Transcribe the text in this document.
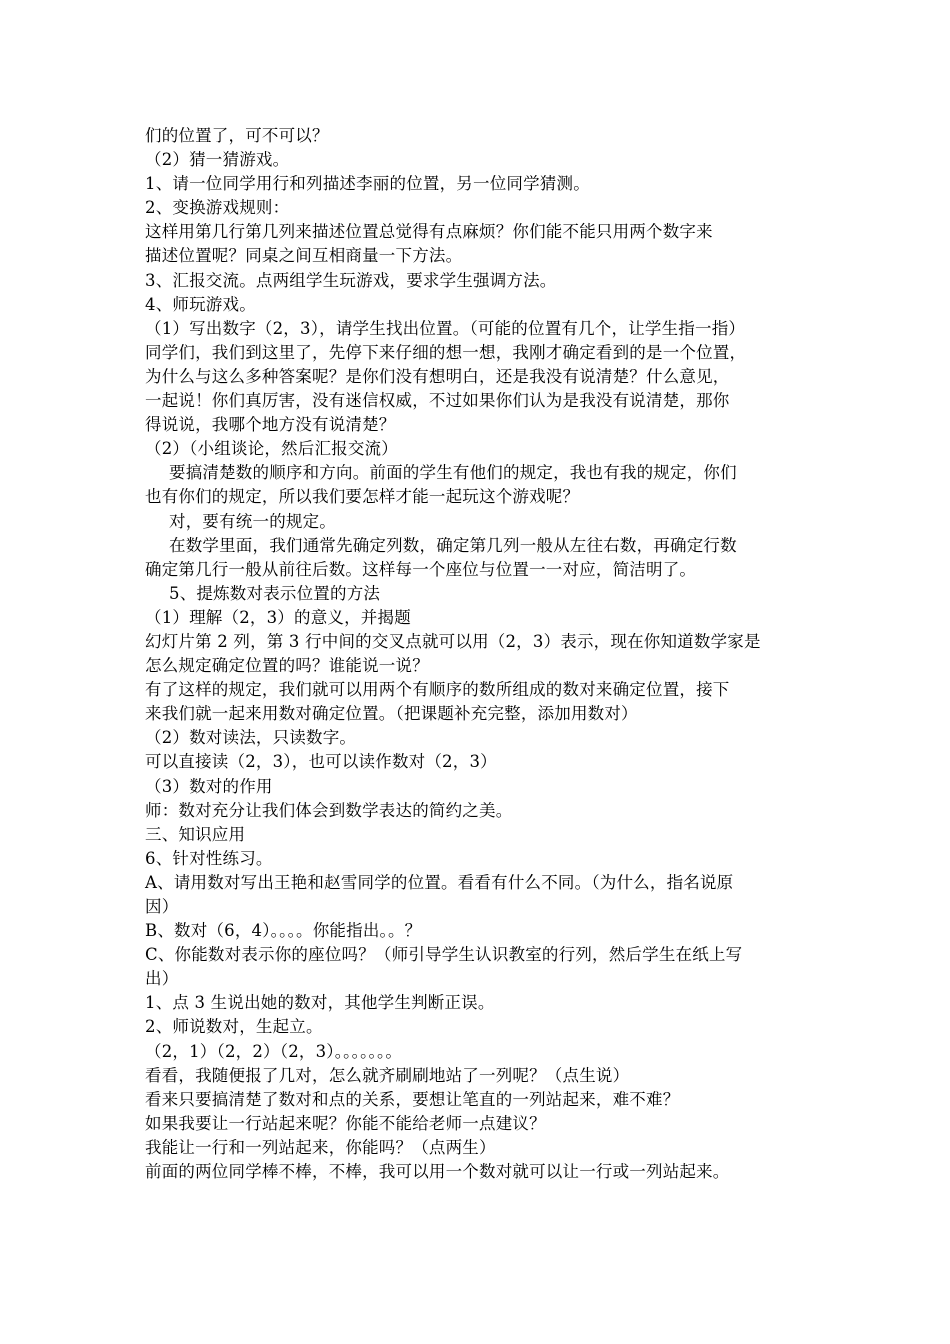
们的位置了，可不可以？
（2）猜一猜游戏。
1、请一位同学用行和列描述李丽的位置，另一位同学猜测。
2、变换游戏规则：
这样用第几行第几列来描述位置总觉得有点麻烦？你们能不能只用两个数字来
描述位置呢？同桌之间互相商量一下方法。
3、汇报交流。点两组学生玩游戏，要求学生强调方法。
4、师玩游戏。
（1）写出数字（2，3），请学生找出位置。（可能的位置有几个，让学生指一指）
同学们，我们到这里了，先停下来仔细的想一想，我刚才确定看到的是一个位置，
为什么与这么多种答案呢？是你们没有想明白，还是我没有说清楚？什么意见，
一起说！你们真厉害，没有迷信权威，不过如果你们认为是我没有说清楚，那你
得说说，我哪个地方没有说清楚？
（2）（小组谈论，然后汇报交流）
要搞清楚数的顺序和方向。前面的学生有他们的规定，我也有我的规定，你们
也有你们的规定，所以我们要怎样才能一起玩这个游戏呢？
对，要有统一的规定。
在数学里面，我们通常先确定列数，确定第几列一般从左往右数，再确定行数
确定第几行一般从前往后数。这样每一个座位与位置一一对应，简洁明了。
5、提炼数对表示位置的方法
（1）理解（2，3）的意义，并揭题
幻灯片第 2 列，第 3 行中间的交叉点就可以用（2，3）表示，现在你知道数学家是
怎么规定确定位置的吗？谁能说一说？
有了这样的规定，我们就可以用两个有顺序的数所组成的数对来确定位置，接下
来我们就一起来用数对确定位置。（把课题补充完整，添加用数对）
（2）数对读法，只读数字。
可以直接读（2，3），也可以读作数对（2，3）
（3）数对的作用
师：数对充分让我们体会到数学表达的简约之美。
三、知识应用
6、针对性练习。
A、请用数对写出王艳和赵雪同学的位置。看看有什么不同。（为什么，指名说原
因）
B、数对（6，4）。。。。你能指出。。？
C、你能数对表示你的座位吗？（师引导学生认识教室的行列，然后学生在纸上写
出）
1、点 3 生说出她的数对，其他学生判断正误。
2、师说数对，生起立。
（2，1）（2，2）（2，3）。。。。。。。
看看，我随便报了几对，怎么就齐刷刷地站了一列呢？（点生说）
看来只要搞清楚了数对和点的关系，要想让笔直的一列站起来，难不难？
如果我要让一行站起来呢？你能不能给老师一点建议？
我能让一行和一列站起来，你能吗？（点两生）
前面的两位同学棒不棒，不棒，我可以用一个数对就可以让一行或一列站起来。
